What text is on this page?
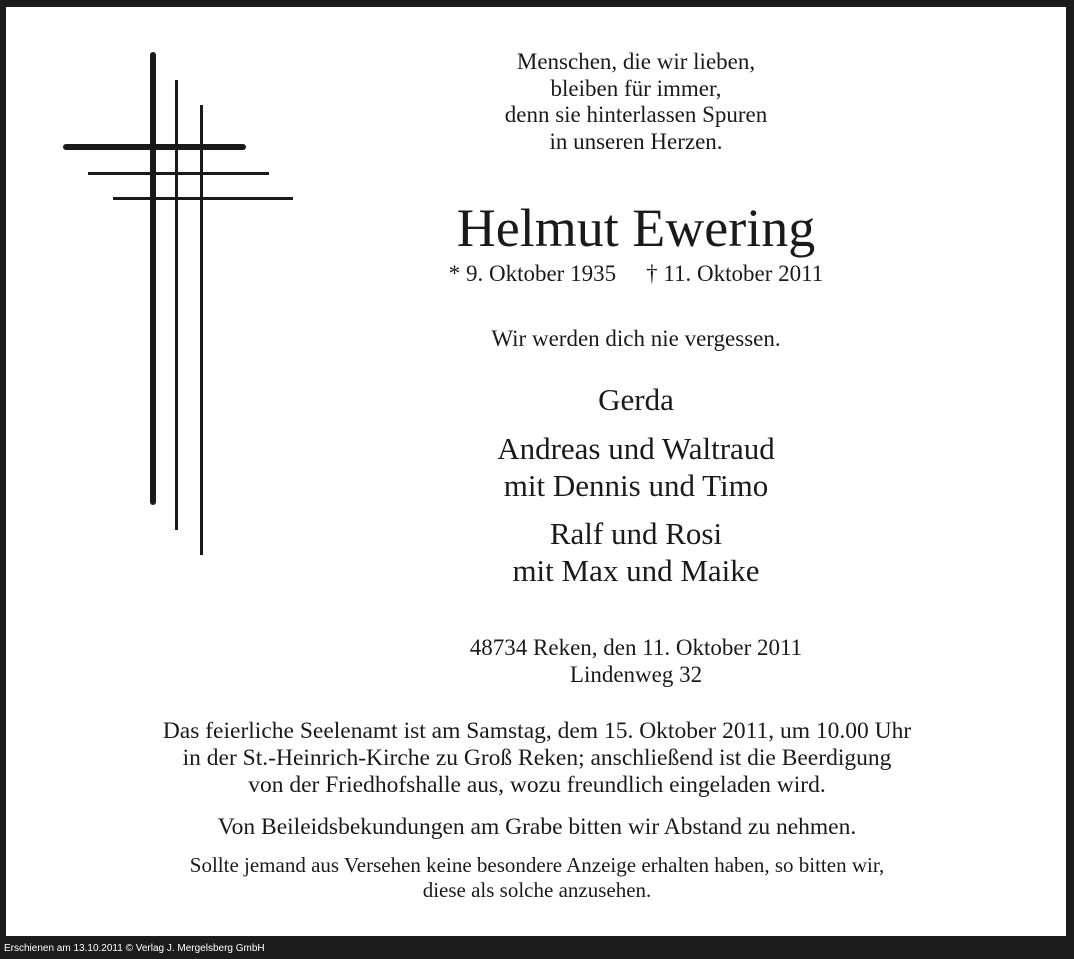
Menschen, die wir lieben,

bleiben für immer,

denn sie hinterlassen Spuren

in unseren Herzen.

Helmut Ewering

* 9. Oktober 1935 † 11. Oktober 2011

Wir werden dich nie vergessen.

Gerda

Andreas und Waltraud

mit Dennis und Timo

Ralf und Rosi

mit Max und Maike

48734 Reken, den 11. Oktober 2011

Lindenweg 32

Das feierliche Seelenamt ist am Samstag, dem 15. Oktober 2011, um 10.00 Uhr

in der St.-Heinrich-Kirche zu Groß Reken; anschließend ist die Beerdigung

von der Friedhofshalle aus, wozu freundlich eingeladen wird.

Von Beileidsbekundungen am Grabe bitten wir Abstand zu nehmen.

Sollte jemand aus Versehen keine besondere Anzeige erhalten haben, so bitten wir,

diese als solche anzusehen.

Erschienen am 13.10.2011 © Verlag J. Mergelsberg GmbH
